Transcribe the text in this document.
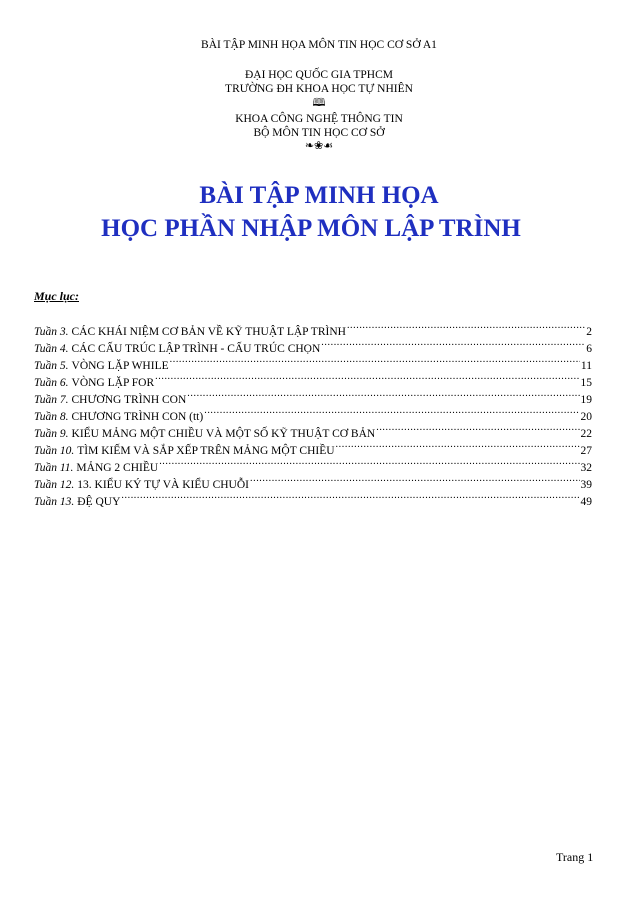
BÀI TẬP MINH HỌA MÔN TIN HỌC CƠ SỞ A1
ĐẠI HỌC QUỐC GIA TPHCM
TRƯỜNG ĐH KHOA HỌC TỰ NHIÊN
🕮
KHOA CÔNG NGHỆ THÔNG TIN
BỘ MÔN TIN HỌC CƠ SỞ
❧❀☙
BÀI TẬP MINH HỌA
HỌC PHẦN NHẬP MÔN LẬP TRÌNH
Mục lục:
Tuần 3. CÁC KHÁI NIỆM CƠ BẢN VỀ KỸ THUẬT LẬP TRÌNH .....	2
Tuần 4. CÁC CẤU TRÚC LẬP TRÌNH - CẤU TRÚC CHỌN .....	6
Tuần 5. VÒNG LẶP WHILE .....	11
Tuần 6. VÒNG LẶP FOR .....	15
Tuần 7. CHƯƠNG TRÌNH CON .....	19
Tuần 8. CHƯƠNG TRÌNH CON (tt) .....	20
Tuần 9. KIỂU MẢNG MỘT CHIỀU VÀ MỘT SỐ KỸ THUẬT CƠ BẢN .....	22
Tuần 10. TÌM KIẾM VÀ SẮP XẾP TRÊN MẢNG MỘT CHIỀU .....	27
Tuần 11. MẢNG 2 CHIỀU .....	32
Tuần 12. 13. KIỂU KÝ TỰ VÀ KIỂU CHUỖI .....	39
Tuần 13. ĐỆ QUY .....	49
Trang 1
